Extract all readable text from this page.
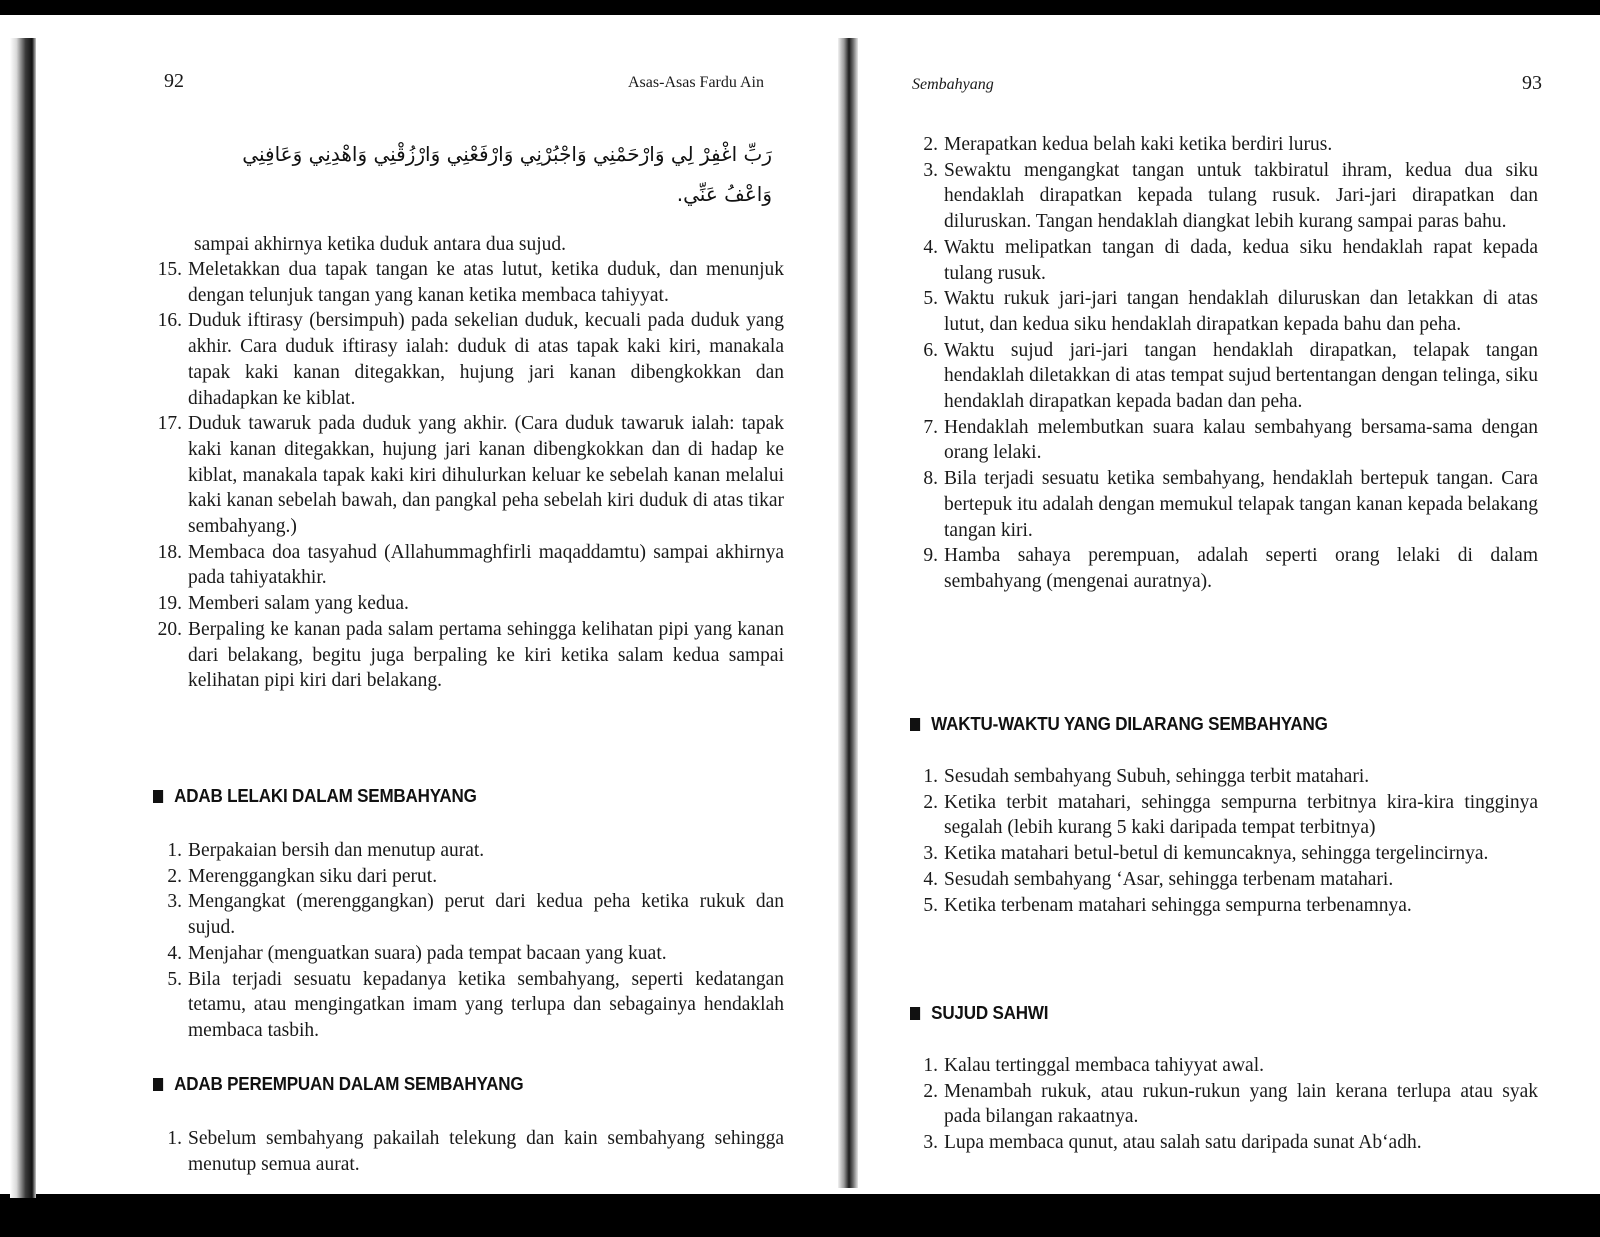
92	Asas-Asas Fardu Ain
رَبِّ اغْفِرْ لِي وَارْحَمْنِي وَاجْبُرْنِي وَارْفَعْنِي وَارْزُقْنِي وَاهْدِنِي وَعَافِنِي
وَاعْفُ عَنِّي.
sampai akhirnya ketika duduk antara dua sujud.
15 . Meletakkan dua tapak tangan ke atas lutut, ketika duduk, dan menunjuk dengan telunjuk tangan yang kanan ketika membaca tahiyyat.
16 . Duduk iftirasy (bersimpuh) pada sekelian duduk, kecuali pada duduk yang akhir. Cara duduk iftirasy ialah: duduk di atas tapak kaki kiri, manakala tapak kaki kanan ditegakkan, hujung jari kanan dibengkokkan dan dihadapkan ke kiblat.
17 . Duduk tawaruk pada duduk yang akhir. (Cara duduk tawaruk ialah: tapak kaki kanan ditegakkan, hujung jari kanan dibengkokkan dan di hadap ke kiblat, manakala tapak kaki kiri dihulurkan keluar ke sebelah kanan melalui kaki kanan sebelah bawah, dan pangkal peha sebelah kiri duduk di atas tikar sembahyang.)
18 . Membaca doa tasyahud (Allahummaghfirli maqaddamtu) sampai akhirnya pada tahiyatakhir.
19 . Memberi salam yang kedua.
20 . Berpaling ke kanan pada salam pertama sehingga kelihatan pipi yang kanan dari belakang, begitu juga berpaling ke kiri ketika salam kedua sampai kelihatan pipi kiri dari belakang.
ADAB LELAKI DALAM SEMBAHYANG
1 . Berpakaian bersih dan menutup aurat.
2 . Merenggangkan siku dari perut.
3 . Mengangkat (merenggangkan) perut dari kedua peha ketika rukuk dan sujud.
4 . Menjahar (menguatkan suara) pada tempat bacaan yang kuat.
5 . Bila terjadi sesuatu kepadanya ketika sembahyang, seperti kedatangan tetamu, atau mengingatkan imam yang terlupa dan sebagainya hendaklah membaca tasbih.
ADAB PEREMPUAN DALAM SEMBAHYANG
1 . Sebelum sembahyang pakailah telekung dan kain sembahyang sehingga menutup semua aurat.
Sembahyang	93
2 . Merapatkan kedua belah kaki ketika berdiri lurus.
3 . Sewaktu mengangkat tangan untuk takbiratul ihram, kedua dua siku hendaklah dirapatkan kepada tulang rusuk. Jari-jari dirapatkan dan diluruskan. Tangan hendaklah diangkat lebih kurang sampai paras bahu.
4 . Waktu melipatkan tangan di dada, kedua siku hendaklah rapat kepada tulang rusuk.
5 . Waktu rukuk jari-jari tangan hendaklah diluruskan dan letakkan di atas lutut, dan kedua siku hendaklah dirapatkan kepada bahu dan peha.
6 . Waktu sujud jari-jari tangan hendaklah dirapatkan, telapak tangan hendaklah diletakkan di atas tempat sujud bertentangan dengan telinga, siku hendaklah dirapatkan kepada badan dan peha.
7 . Hendaklah melembutkan suara kalau sembahyang bersama-sama dengan orang lelaki.
8 . Bila terjadi sesuatu ketika sembahyang, hendaklah bertepuk tangan. Cara bertepuk itu adalah dengan memukul telapak tangan kanan kepada belakang tangan kiri.
9 . Hamba sahaya perempuan, adalah seperti orang lelaki di dalam sembahyang (mengenai auratnya).
WAKTU-WAKTU YANG DILARANG SEMBAHYANG
1 . Sesudah sembahyang Subuh, sehingga terbit matahari.
2 . Ketika terbit matahari, sehingga sempurna terbitnya kira-kira tingginya segalah (lebih kurang 5 kaki daripada tempat terbitnya)
3 . Ketika matahari betul-betul di kemuncaknya, sehingga tergelincirnya.
4 . Sesudah sembahyang ‘Asar, sehingga terbenam matahari.
5 . Ketika terbenam matahari sehingga sempurna terbenamnya.
SUJUD SAHWI
1 . Kalau tertinggal membaca tahiyyat awal.
2 . Menambah rukuk, atau rukun-rukun yang lain kerana terlupa atau syak pada bilangan rakaatnya.
3 . Lupa membaca qunut, atau salah satu daripada sunat Ab‘adh.
